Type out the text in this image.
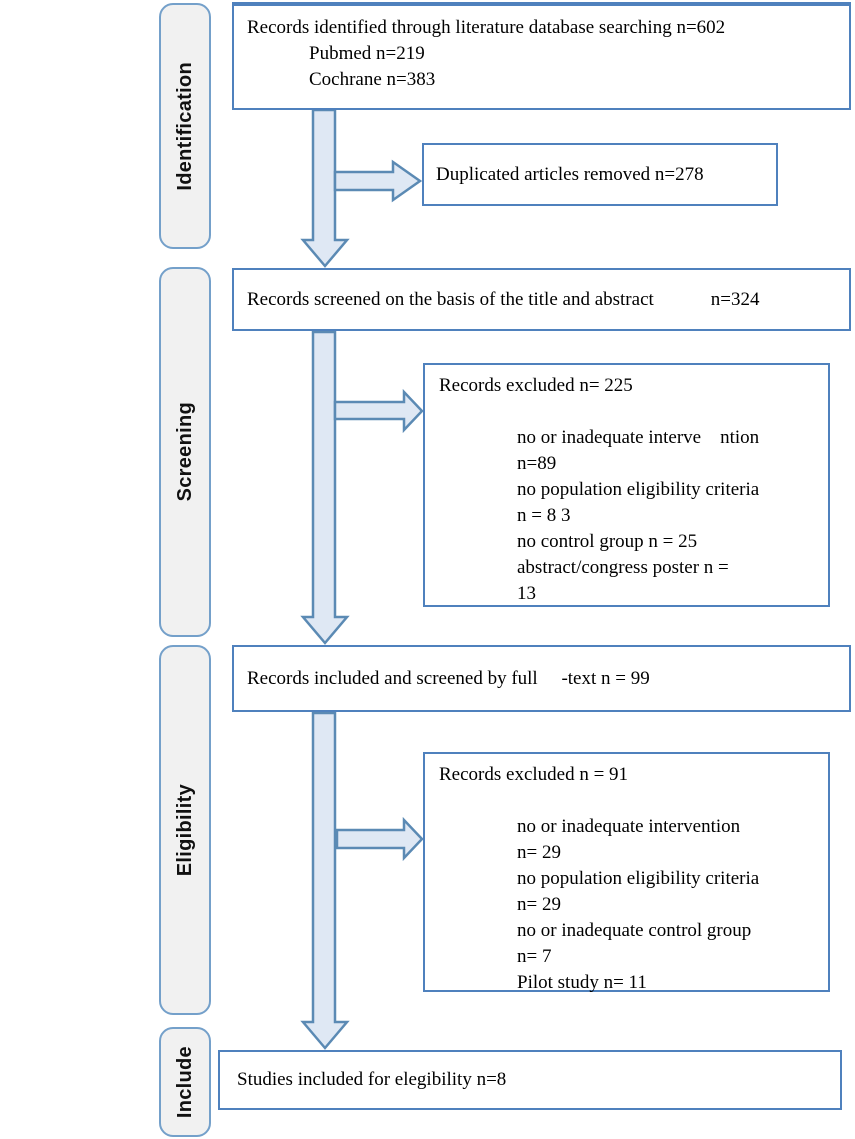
Identification
Screening
Eligibility
Include
Records identified through literature database searching n=602
Pubmed n=219
Cochrane n=383
Duplicated articles removed n=278
Records screened on the basis of the title and abstract            n=324
Records excluded n= 225
no or inadequate interve    ntion
n=89
no population eligibility criteria
n = 8 3
no control group n = 25
abstract/congress poster n =
13
Records included and screened by full     -text n = 99
Records excluded n = 91
no or inadequate intervention
n= 29
no population eligibility criteria
n= 29
no or inadequate control group
n= 7
Pilot study n= 11
Studies included for elegibility n=8
